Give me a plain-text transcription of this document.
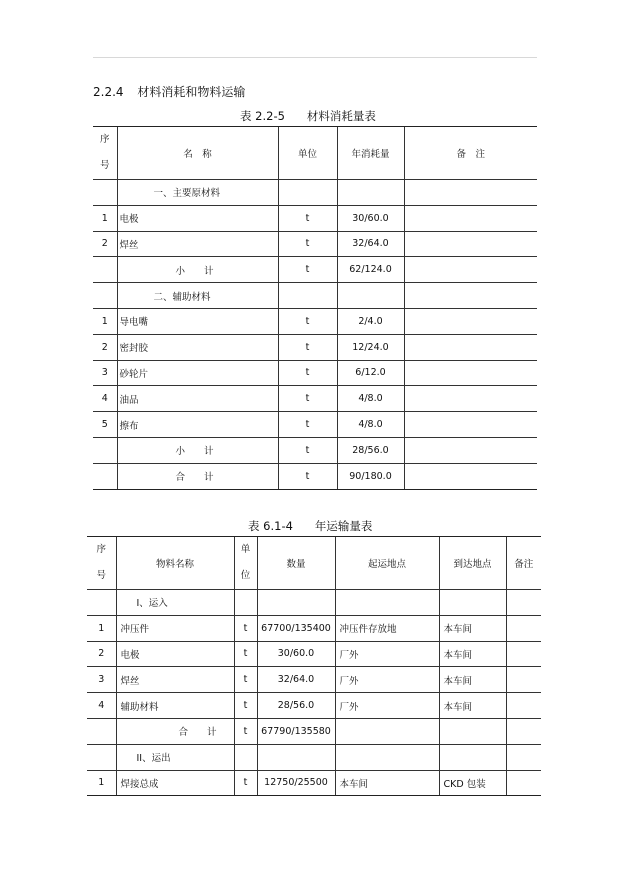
2.2.4 材料消耗和物料运输
表 2.2-5 材料消耗量表
序号	名　称	单位	年消耗量	备　注
	一、主要原材料			
1	电极	t	30/60.0	
2	焊丝	t	32/64.0	
	小　　计	t	62/124.0	
	二、辅助材料			
1	导电嘴	t	2/4.0	
2	密封胶	t	12/24.0	
3	砂轮片	t	6/12.0	
4	油品	t	4/8.0	
5	擦布	t	4/8.0	
	小　　计	t	28/56.0	
	合　　计	t	90/180.0	
表 6.1-4 年运输量表
序号	物料名称	单位	数量	起运地点	到达地点	备注
	I、运入					
1	冲压件	t	67700/135400	冲压件存放地	本车间	
2	电极	t	30/60.0	厂外	本车间	
3	焊丝	t	32/64.0	厂外	本车间	
4	辅助材料	t	28/56.0	厂外	本车间	
	合　　计	t	67790/135580			
	II、运出					
1	焊接总成	t	12750/25500	本车间	CKD 包装	
